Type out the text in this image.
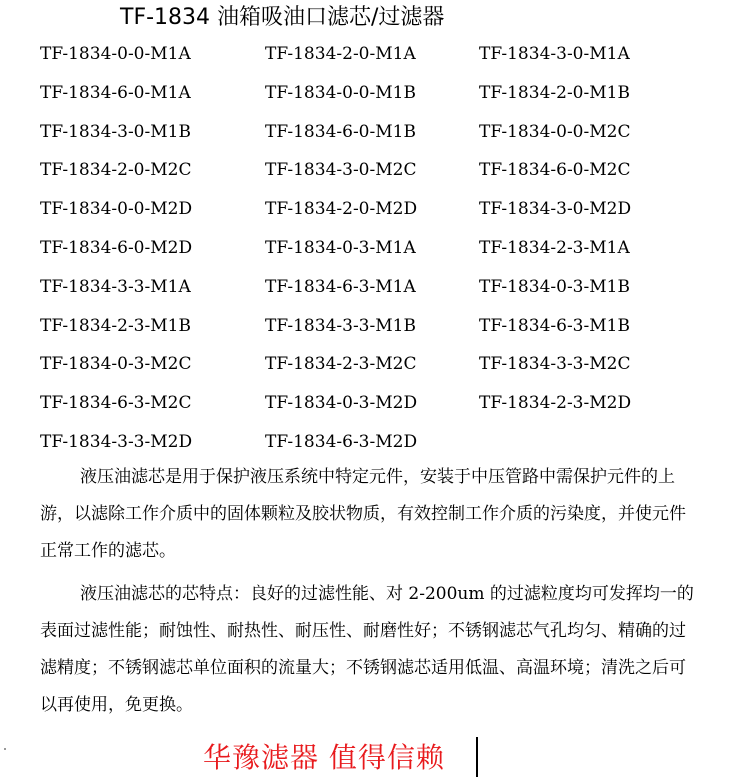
TF-1834 油箱吸油口滤芯/过滤器
TF-1834-0-0-M1A	TF-1834-2-0-M1A	TF-1834-3-0-M1A
TF-1834-6-0-M1A	TF-1834-0-0-M1B	TF-1834-2-0-M1B
TF-1834-3-0-M1B	TF-1834-6-0-M1B	TF-1834-0-0-M2C
TF-1834-2-0-M2C	TF-1834-3-0-M2C	TF-1834-6-0-M2C
TF-1834-0-0-M2D	TF-1834-2-0-M2D	TF-1834-3-0-M2D
TF-1834-6-0-M2D	TF-1834-0-3-M1A	TF-1834-2-3-M1A
TF-1834-3-3-M1A	TF-1834-6-3-M1A	TF-1834-0-3-M1B
TF-1834-2-3-M1B	TF-1834-3-3-M1B	TF-1834-6-3-M1B
TF-1834-0-3-M2C	TF-1834-2-3-M2C	TF-1834-3-3-M2C
TF-1834-6-3-M2C	TF-1834-0-3-M2D	TF-1834-2-3-M2D
TF-1834-3-3-M2D	TF-1834-6-3-M2D

液压油滤芯是用于保护液压系统中特定元件，安装于中压管路中需保护元件的上游，以滤除工作介质中的固体颗粒及胶状物质，有效控制工作介质的污染度，并使元件正常工作的滤芯。

液压油滤芯的芯特点：良好的过滤性能、对 2-200um 的过滤粒度均可发挥均一的表面过滤性能；耐蚀性、耐热性、耐压性、耐磨性好；不锈钢滤芯气孔均匀、精确的过滤精度；不锈钢滤芯单位面积的流量大；不锈钢滤芯适用低温、高温环境；清洗之后可以再使用，免更换。

华豫滤器 值得信赖
